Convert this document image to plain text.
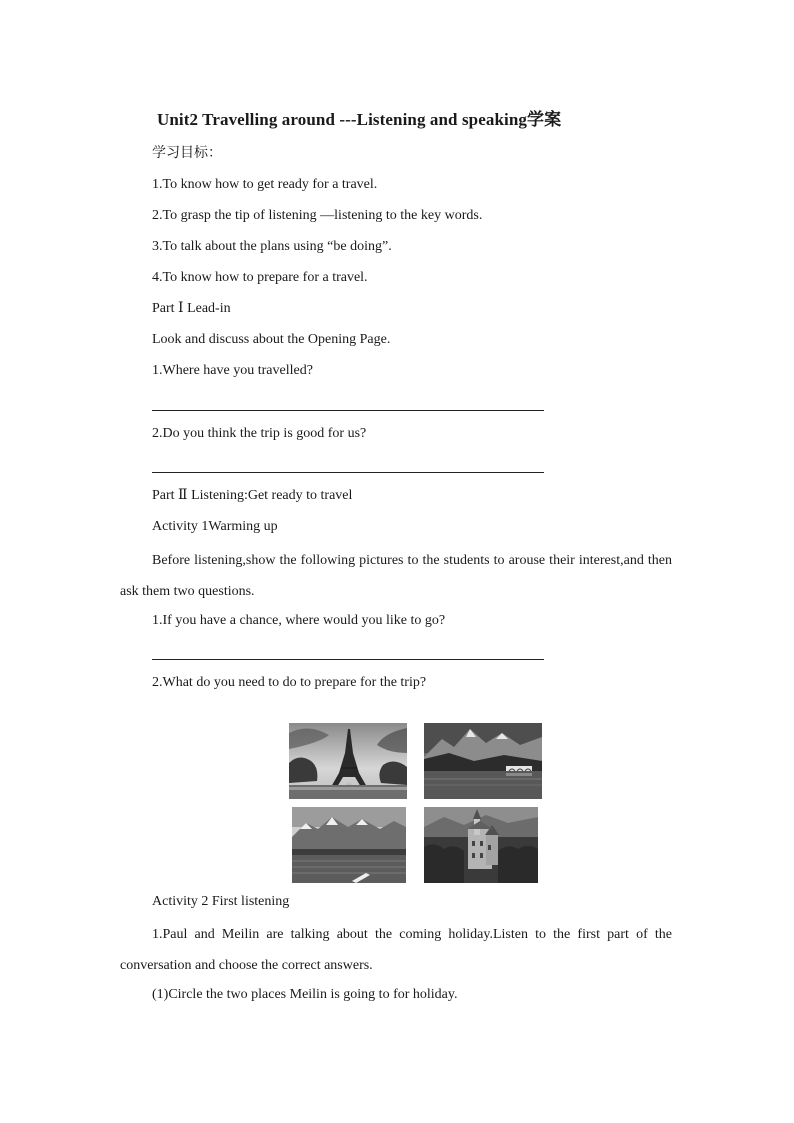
Unit2 Travelling around ---Listening and speaking学案
学习目标：
1.To know how to get ready for a travel.
2.To grasp the tip of listening —listening to the key words.
3.To talk about the plans using “be doing”.
4.To know how to prepare for a travel.
Part Ⅰ Lead-in
Look and discuss about the Opening Page.
1.Where have you travelled?
2.Do you think the trip is good for us?
Part Ⅱ Listening:Get ready to travel
Activity 1Warming up
Before listening,show the following pictures to the students to arouse their interest,and then ask them two questions.
1.If you have a chance, where would you like to go?
2.What do you need to do to prepare for the trip?
Activity 2 First listening
1.Paul and Meilin are talking about the coming holiday.Listen to the first part of the conversation and choose the correct answers.
(1)Circle the two places Meilin is going to for holiday.
